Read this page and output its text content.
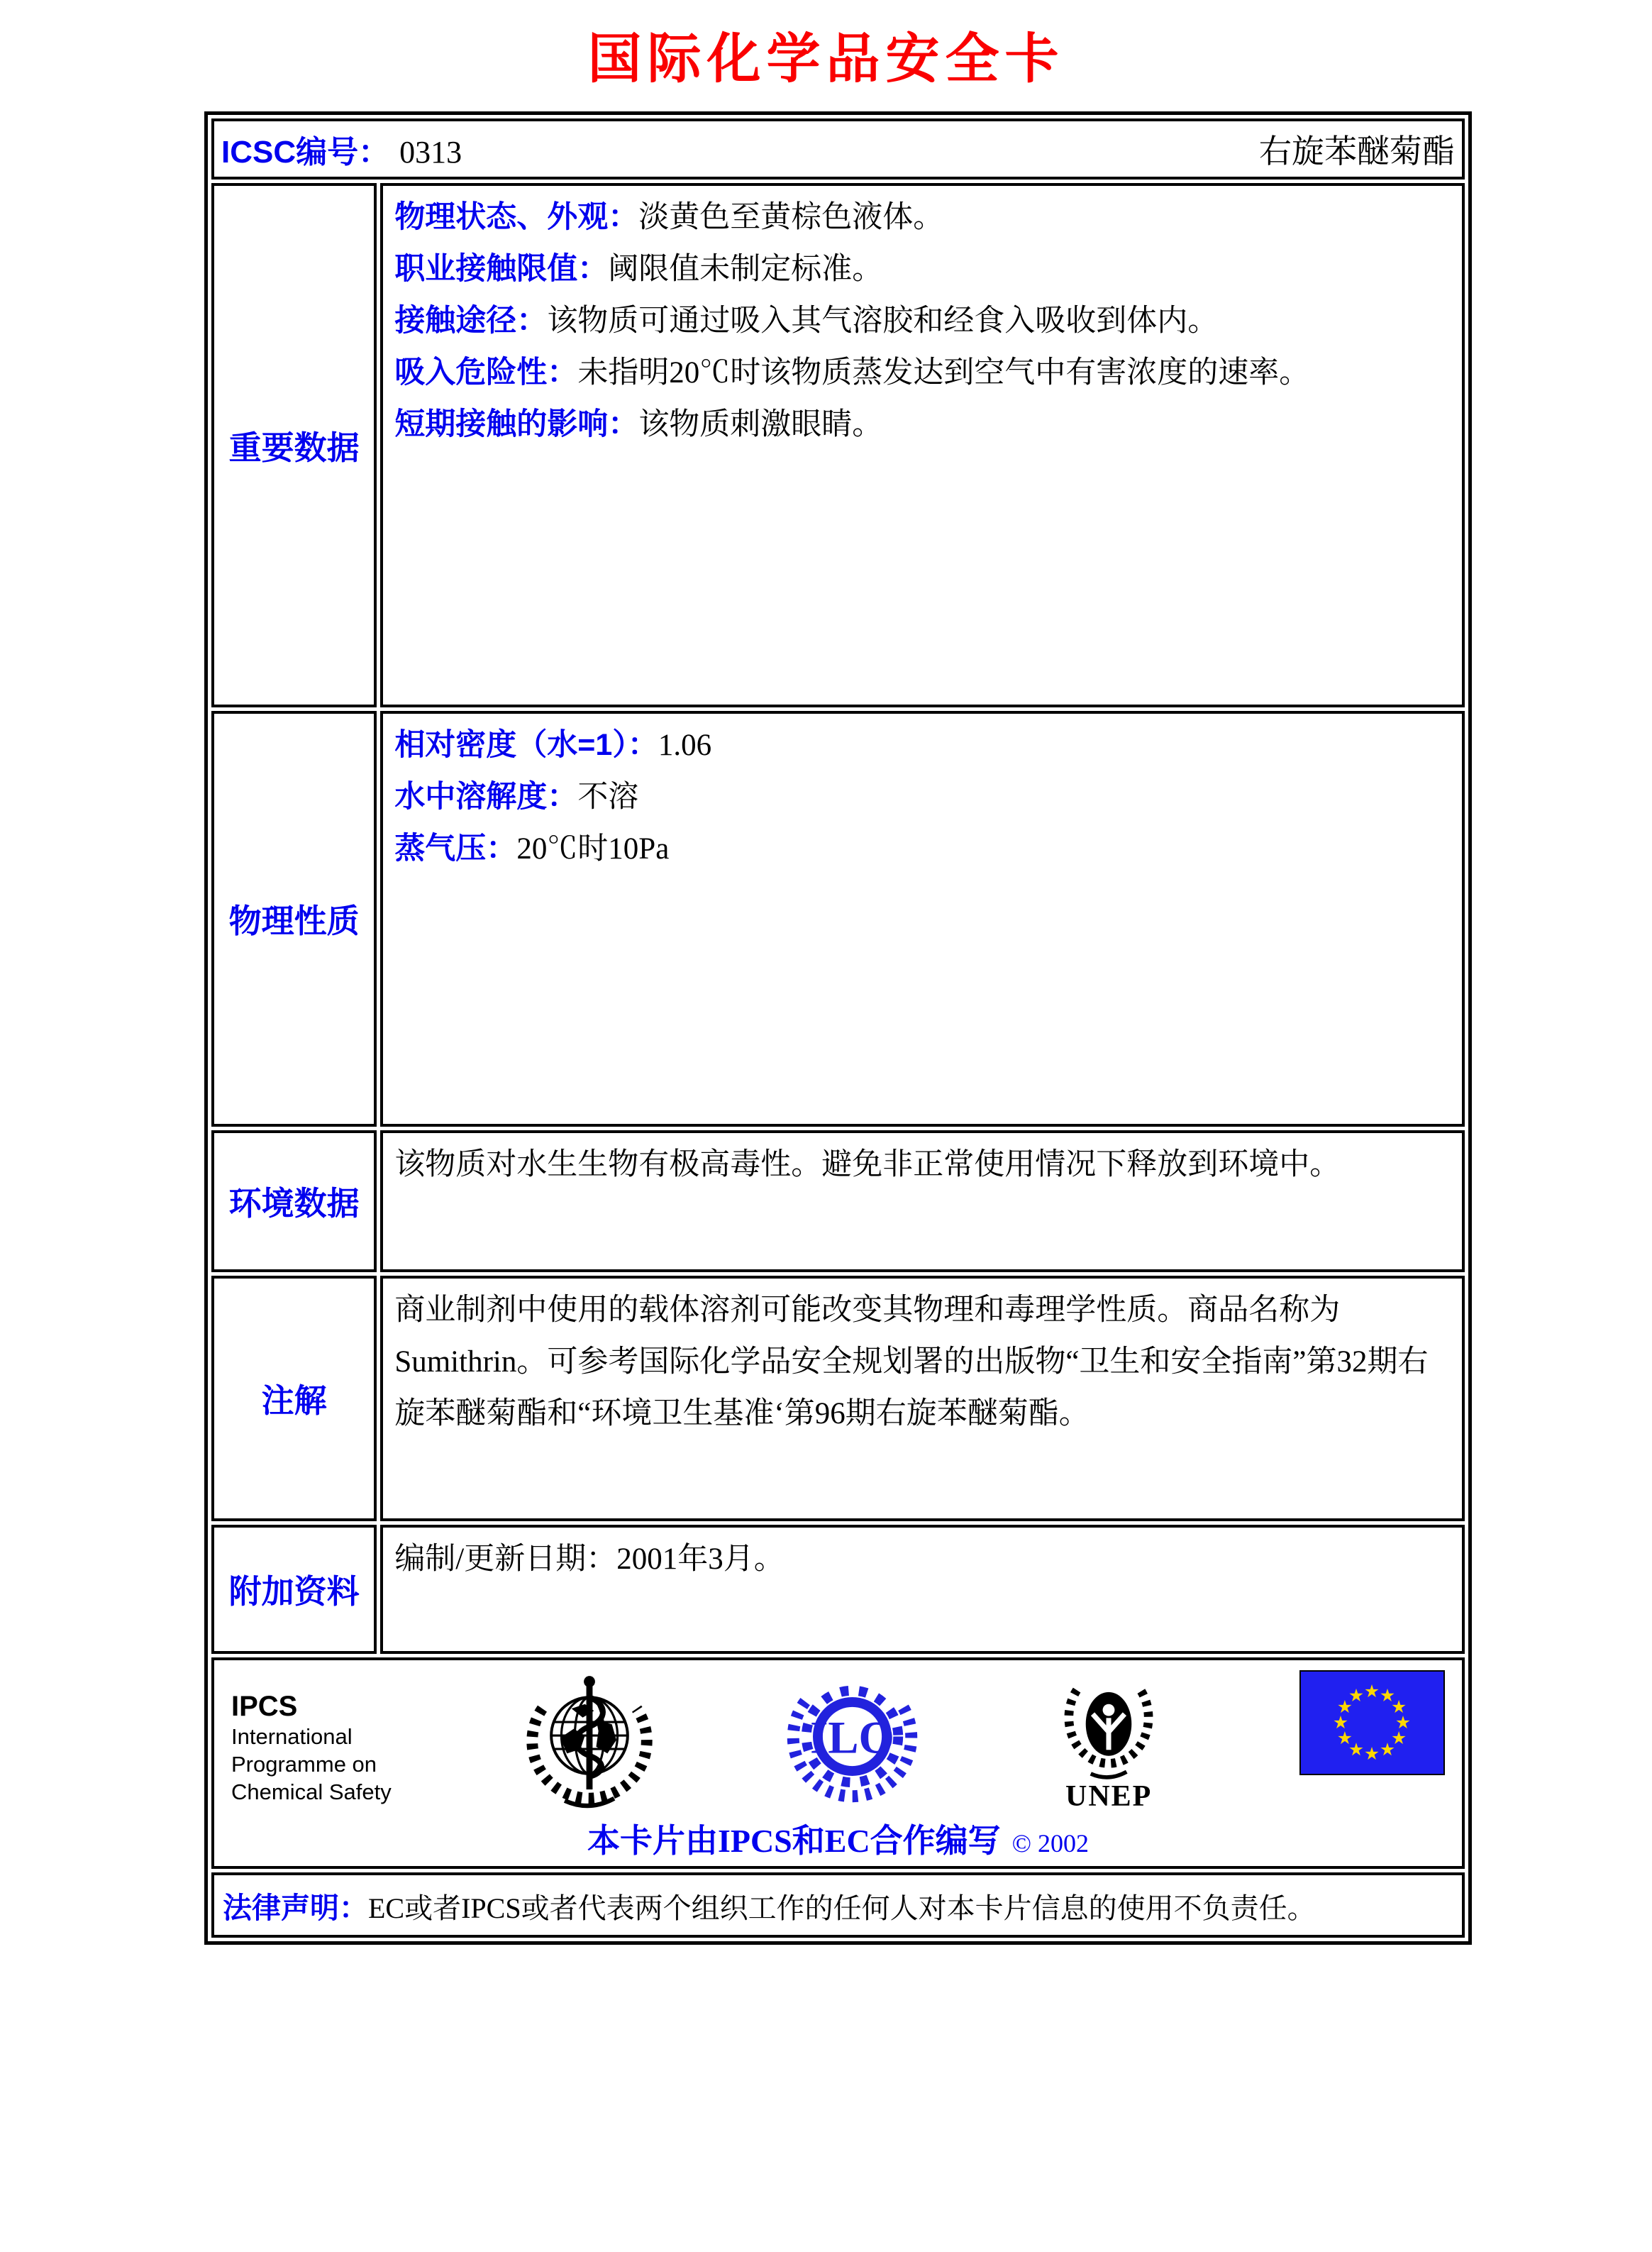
国际化学品安全卡
ICSC编号： 0313 右旋苯醚菊酯	

重要数据	物理状态、外观：淡黄色至黄棕色液体。
职业接触限值：阈限值未制定标准。
接触途径：该物质可通过吸入其气溶胶和经食入吸收到体内。
吸入危险性：未指明20℃时该物质蒸发达到空气中有害浓度的速率。
短期接触的影响：该物质刺激眼睛。

物理性质	相对密度（水=1）：1.06
水中溶解度：不溶
蒸气压：20℃时10Pa

环境数据	该物质对水生生物有极高毒性。避免非正常使用情况下释放到环境中。

注解	商业制剂中使用的载体溶剂可能改变其物理和毒理学性质。商品名称为Sumithrin。可参考国际化学品安全规划署的出版物“卫生和安全指南”第32期右旋苯醚菊酯和“环境卫生基准‘第96期右旋苯醚菊酯。

附加资料	编制/更新日期：2001年3月。

IPCS
International
Programme on
Chemical Safety
ILO
UNEP
本卡片由IPCS和EC合作编写 © 2002

法律声明：EC或者IPCS或者代表两个组织工作的任何人对本卡片信息的使用不负责任。	
